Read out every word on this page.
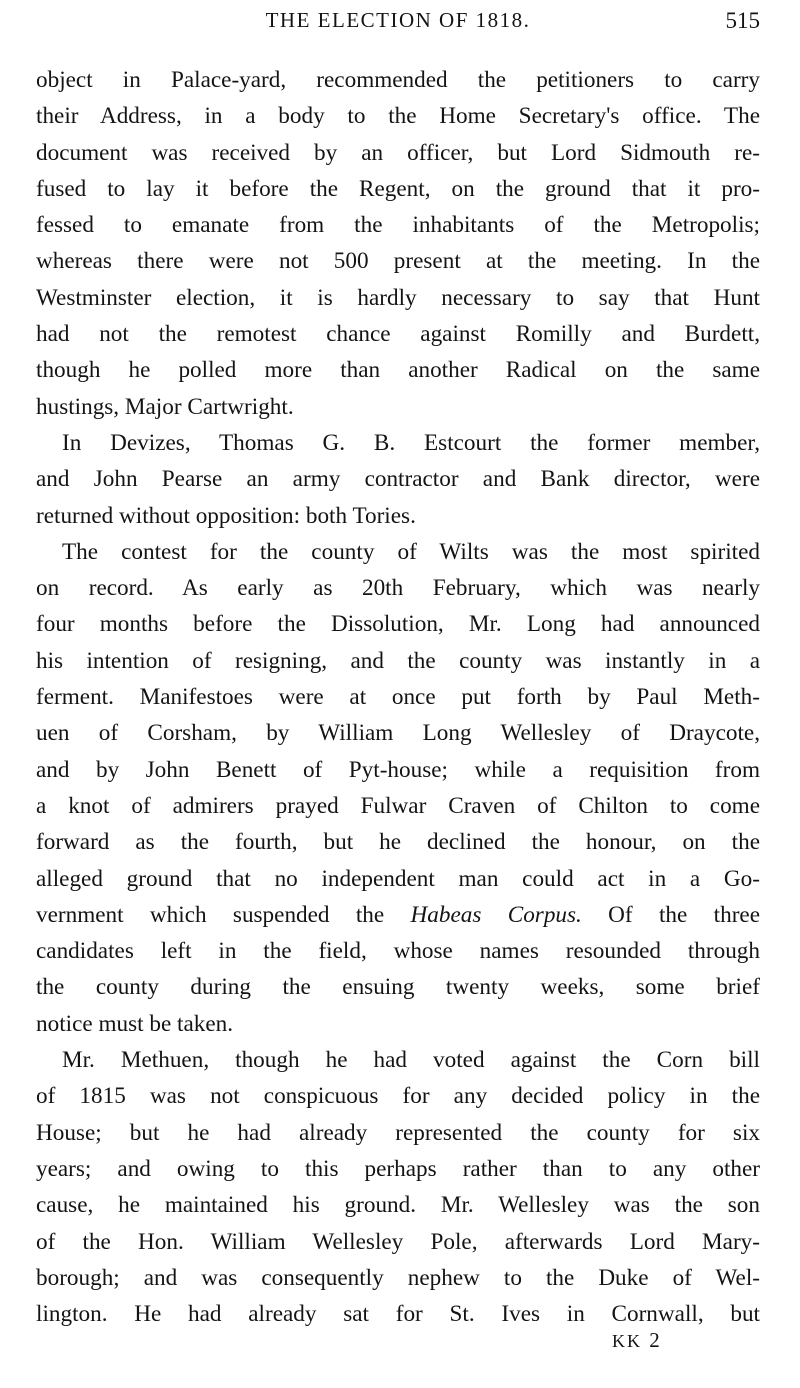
THE ELECTION OF 1818.	515
object in Palace-yard, recommended the petitioners to carry
their Address, in a body to the Home Secretary's office. The
document was received by an officer, but Lord Sidmouth re-
fused to lay it before the Regent, on the ground that it pro-
fessed to emanate from the inhabitants of the Metropolis;
whereas there were not 500 present at the meeting. In the
Westminster election, it is hardly necessary to say that Hunt
had not the remotest chance against Romilly and Burdett,
though he polled more than another Radical on the same
hustings, Major Cartwright.
In Devizes, Thomas G. B. Estcourt the former member,
and John Pearse an army contractor and Bank director, were
returned without opposition: both Tories.
The contest for the county of Wilts was the most spirited
on record. As early as 20th February, which was nearly
four months before the Dissolution, Mr. Long had announced
his intention of resigning, and the county was instantly in a
ferment. Manifestoes were at once put forth by Paul Meth-
uen of Corsham, by William Long Wellesley of Draycote,
and by John Benett of Pyt-house; while a requisition from
a knot of admirers prayed Fulwar Craven of Chilton to come
forward as the fourth, but he declined the honour, on the
alleged ground that no independent man could act in a Go-
vernment which suspended the Habeas Corpus. Of the three
candidates left in the field, whose names resounded through
the county during the ensuing twenty weeks, some brief
notice must be taken.
Mr. Methuen, though he had voted against the Corn bill
of 1815 was not conspicuous for any decided policy in the
House; but he had already represented the county for six
years; and owing to this perhaps rather than to any other
cause, he maintained his ground. Mr. Wellesley was the son
of the Hon. William Wellesley Pole, afterwards Lord Mary-
borough; and was consequently nephew to the Duke of Wel-
lington. He had already sat for St. Ives in Cornwall, but
KK 2
